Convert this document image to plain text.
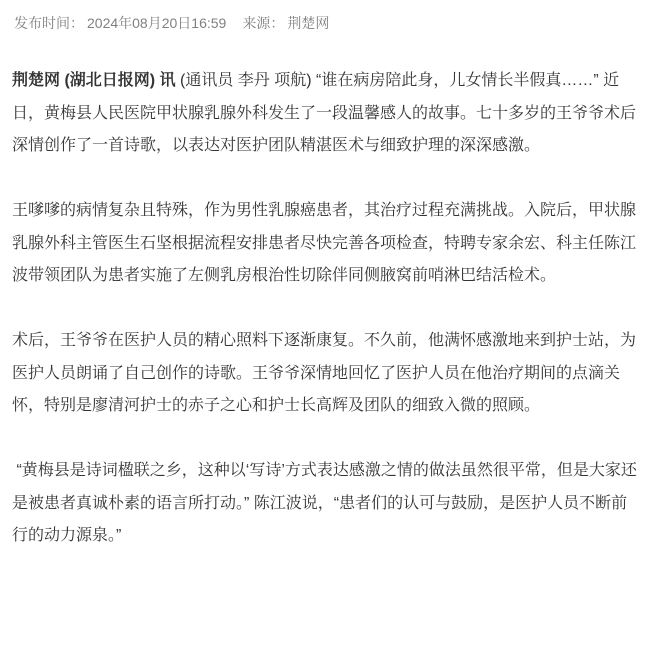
发布时间： 2024年08月20日16:59 来源： 荆楚网

荆楚网 (湖北日报网) 讯 (通讯员 李丹 项航) “谁在病房陪此身，儿女情长半假真……” 近日，黄梅县人民医院甲状腺乳腺外科发生了一段温馨感人的故事。七十多岁的王爷爷术后深情创作了一首诗歌，以表达对医护团队精湛医术与细致护理的深深感激。

王嗲嗲的病情复杂且特殊，作为男性乳腺癌患者，其治疗过程充满挑战。入院后，甲状腺乳腺外科主管医生石坚根据流程安排患者尽快完善各项检查，特聘专家余宏、科主任陈江波带领团队为患者实施了左侧乳房根治性切除伴同侧腋窝前哨淋巴结活检术。

术后，王爷爷在医护人员的精心照料下逐渐康复。不久前，他满怀感激地来到护士站，为医护人员朗诵了自己创作的诗歌。王爷爷深情地回忆了医护人员在他治疗期间的点滴关怀，特别是廖清河护士的赤子之心和护士长高辉及团队的细致入微的照顾。

“黄梅县是诗词楹联之乡，这种以‘写诗’方式表达感激之情的做法虽然很平常，但是大家还是被患者真诚朴素的语言所打动。” 陈江波说，“患者们的认可与鼓励，是医护人员不断前行的动力源泉。”
